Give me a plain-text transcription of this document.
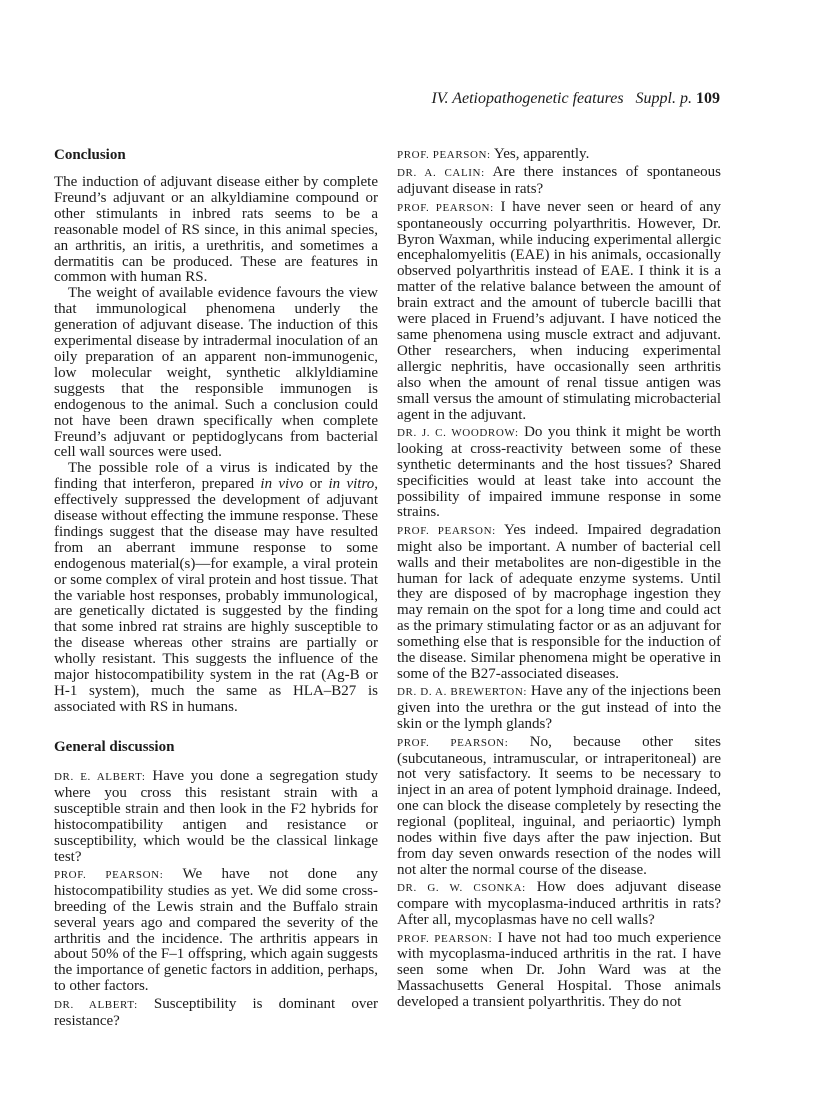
IV. Aetiopathogenetic features Suppl. p. 109
Conclusion

The induction of adjuvant disease either by complete Freund’s adjuvant or an alkyldiamine compound or other stimulants in inbred rats seems to be a reasonable model of RS since, in this animal species, an arthritis, an iritis, a urethritis, and sometimes a dermatitis can be produced. These are features in common with human RS.

The weight of available evidence favours the view that immunological phenomena underly the generation of adjuvant disease. The induction of this experimental disease by intradermal inoculation of an oily preparation of an apparent non-immunogenic, low molecular weight, synthetic alklyldiamine suggests that the responsible immunogen is endogenous to the animal. Such a conclusion could not have been drawn specifically when complete Freund’s adjuvant or peptidoglycans from bacterial cell wall sources were used.

The possible role of a virus is indicated by the finding that interferon, prepared in vivo or in vitro, effectively suppressed the development of adjuvant disease without effecting the immune response. These findings suggest that the disease may have resulted from an aberrant immune response to some endogenous material(s)—for example, a viral protein or some complex of viral protein and host tissue. That the variable host responses, probably immunological, are genetically dictated is suggested by the finding that some inbred rat strains are highly susceptible to the disease whereas other strains are partially or wholly resistant. This suggests the influence of the major histocompatibility system in the rat (Ag-B or H-1 system), much the same as HLA–B27 is associated with RS in humans.

General discussion

DR. E. ALBERT: Have you done a segregation study where you cross this resistant strain with a susceptible strain and then look in the F2 hybrids for histocompatibility antigen and resistance or susceptibility, which would be the classical linkage test?

PROF. PEARSON: We have not done any histocompatibility studies as yet. We did some cross-breeding of the Lewis strain and the Buffalo strain several years ago and compared the severity of the arthritis and the incidence. The arthritis appears in about 50% of the F–1 offspring, which again suggests the importance of genetic factors in addition, perhaps, to other factors.

DR. ALBERT: Susceptibility is dominant over resistance?

PROF. PEARSON: Yes, apparently.

DR. A. CALIN: Are there instances of spontaneous adjuvant disease in rats?

PROF. PEARSON: I have never seen or heard of any spontaneously occurring polyarthritis. However, Dr. Byron Waxman, while inducing experimental allergic encephalomyelitis (EAE) in his animals, occasionally observed polyarthritis instead of EAE. I think it is a matter of the relative balance between the amount of brain extract and the amount of tubercle bacilli that were placed in Fruend’s adjuvant. I have noticed the same phenomena using muscle extract and adjuvant. Other researchers, when inducing experimental allergic nephritis, have occasionally seen arthritis also when the amount of renal tissue antigen was small versus the amount of stimulating microbacterial agent in the adjuvant.

DR. J. C. WOODROW: Do you think it might be worth looking at cross-reactivity between some of these synthetic determinants and the host tissues? Shared specificities would at least take into account the possibility of impaired immune response in some strains.

PROF. PEARSON: Yes indeed. Impaired degradation might also be important. A number of bacterial cell walls and their metabolites are non-digestible in the human for lack of adequate enzyme systems. Until they are disposed of by macrophage ingestion they may remain on the spot for a long time and could act as the primary stimulating factor or as an adjuvant for something else that is responsible for the induction of the disease. Similar phenomena might be operative in some of the B27-associated diseases.

DR. D. A. BREWERTON: Have any of the injections been given into the urethra or the gut instead of into the skin or the lymph glands?

PROF. PEARSON: No, because other sites (subcutaneous, intramuscular, or intraperitoneal) are not very satisfactory. It seems to be necessary to inject in an area of potent lymphoid drainage. Indeed, one can block the disease completely by resecting the regional (popliteal, inguinal, and periaortic) lymph nodes within five days after the paw injection. But from day seven onwards resection of the nodes will not alter the normal course of the disease.

DR. G. W. CSONKA: How does adjuvant disease compare with mycoplasma-induced arthritis in rats? After all, mycoplasmas have no cell walls?

PROF. PEARSON: I have not had too much experience with mycoplasma-induced arthritis in the rat. I have seen some when Dr. John Ward was at the Massachusetts General Hospital. Those animals developed a transient polyarthritis. They do not
